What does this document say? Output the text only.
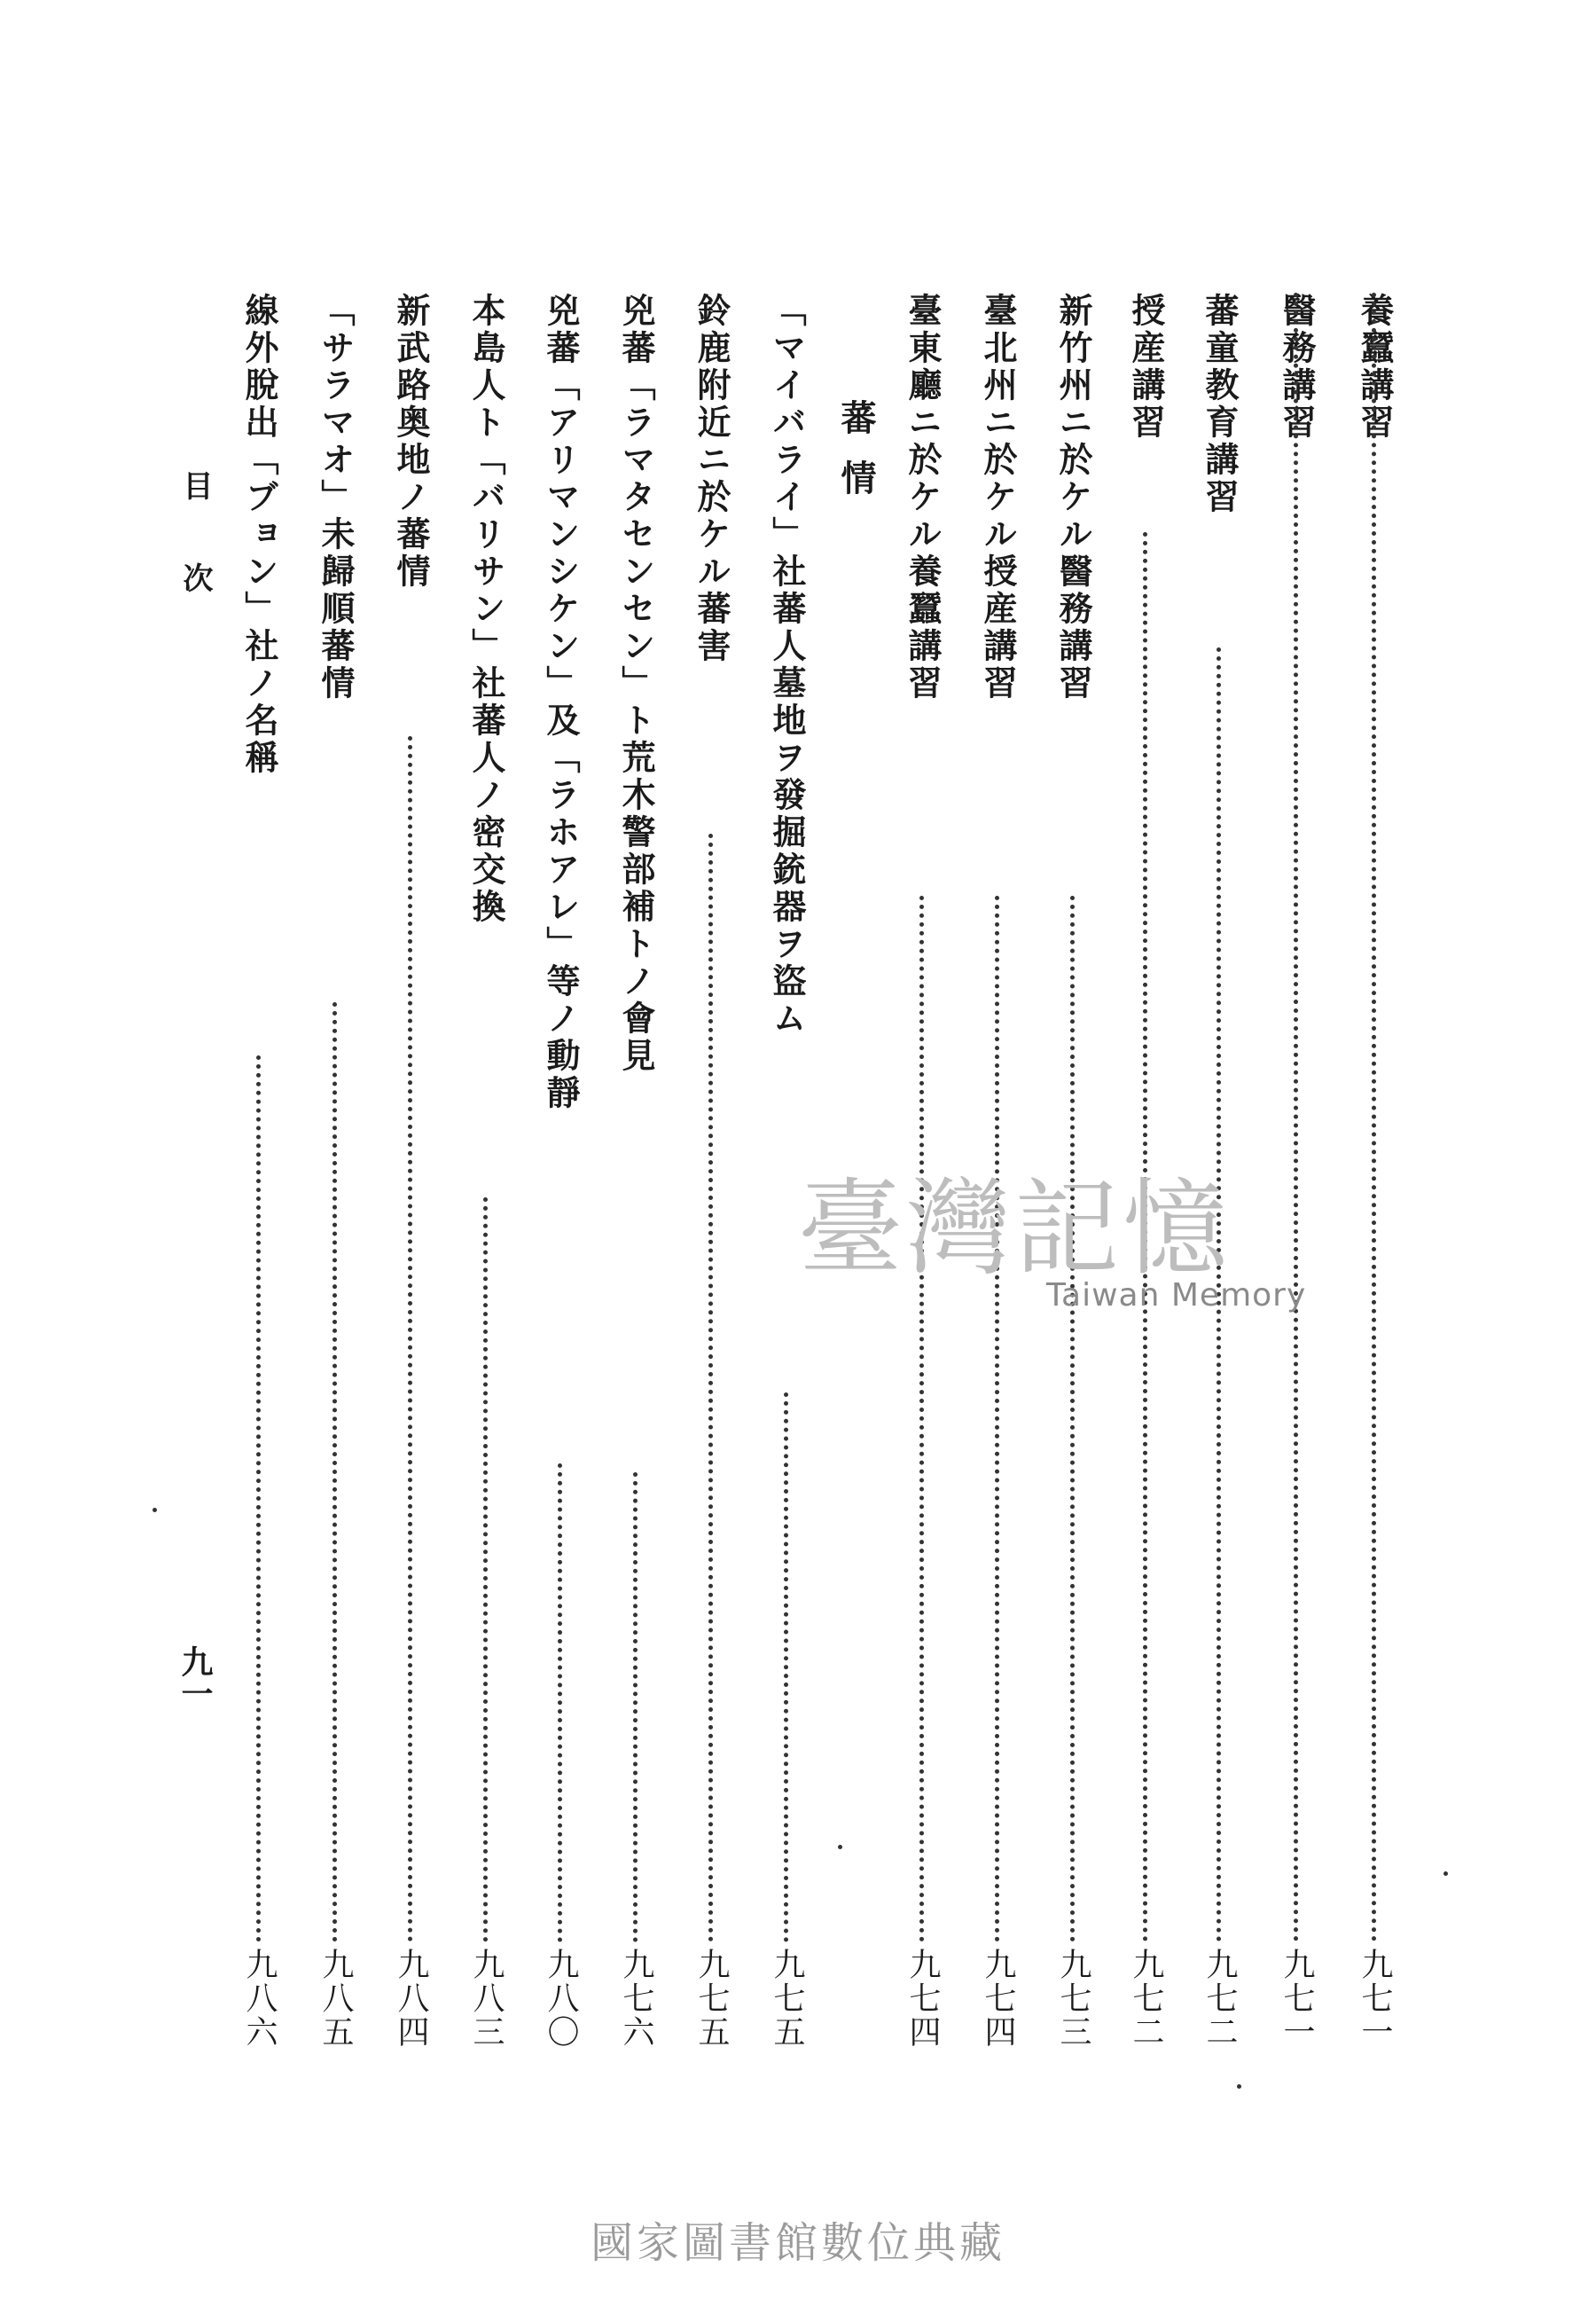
養蠶講習
九七一
醫務講習
九七一
蕃童教育講習
九七二
授産講習
九七二
新竹州ニ於ケル醫務講習
九七三
臺北州ニ於ケル授産講習
九七四
臺東廳ニ於ケル養蠶講習
九七四
蕃情
「マイバライ」社蕃人墓地ヲ發掘銃器ヲ盜ム
九七五
鈴鹿附近ニ於ケル蕃害
九七五
兇蕃「ラマタセンセン」ト荒木警部補トノ會見
九七六
兇蕃「アリマンシケン」及「ラホアレ」等ノ動靜
九八〇
本島人ト「バリサン」社蕃人ノ密交換
九八三
新武路奥地ノ蕃情
九八四
「サラマオ」未歸順蕃情
九八五
線外脫出「ブョン」社ノ名稱
九八六
目次
九一
臺灣記憶
Taiwan Memory
國家圖書館數位典藏
